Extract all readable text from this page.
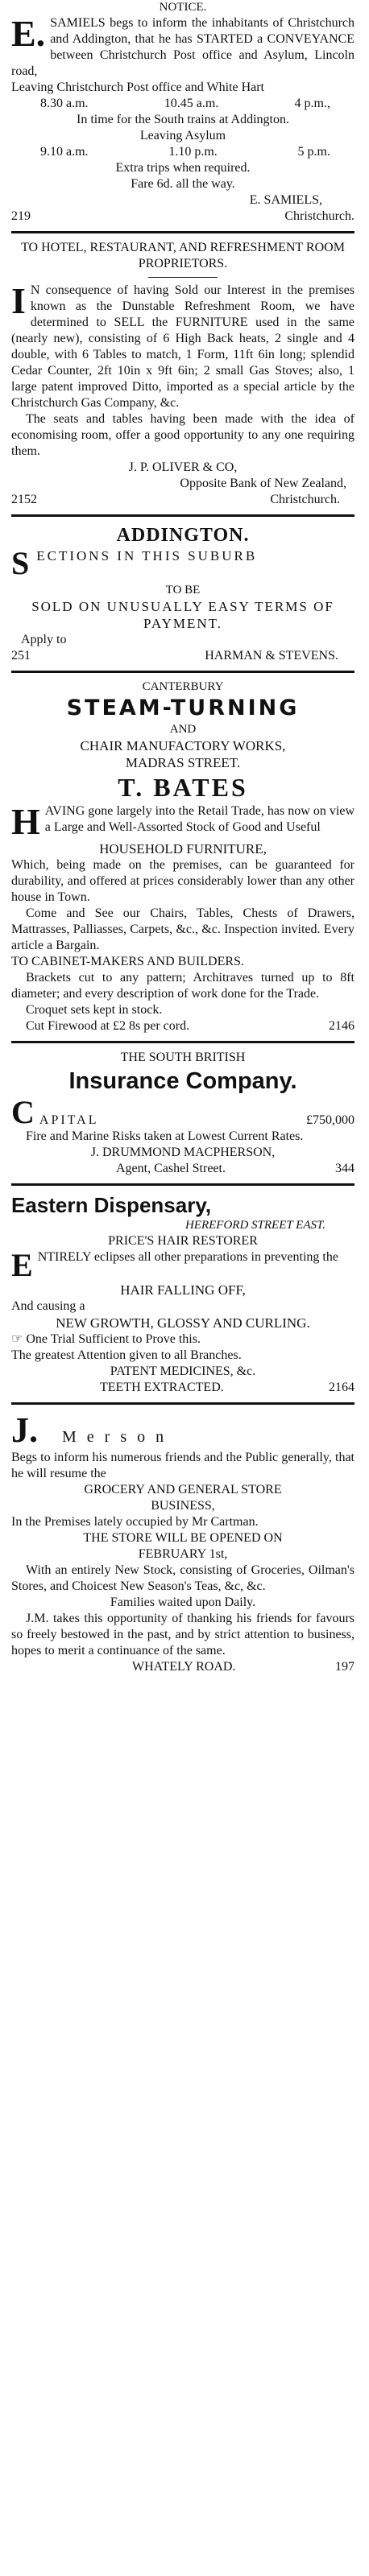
NOTICE.
E. SAMIELS begs to inform the inhabitants of Christchurch and Addington, that he has STARTED a CONVEYANCE between Christchurch Post office and Asylum, Lincoln road,
Leaving Christchurch Post office and White Hart
8.30 a.m.	10.45 a.m.	4 p.m.,
In time for the South trains at Addington.
Leaving Asylum
9.10 a.m.	1.10 p.m.	5 p.m.
Extra trips when required.
Fare 6d. all the way.
E. SAMIELS,
219	Christchurch.
TO HOTEL, RESTAURANT, AND REFRESHMENT ROOM PROPRIETORS.
I N consequence of having Sold our Interest in the premises known as the Dunstable Refreshment Room, we have determined to SELL the FURNITURE used in the same (nearly new), consisting of 6 High Back heats, 2 single and 4 double, with 6 Tables to match, 1 Form, 11ft 6in long; splendid Cedar Counter, 2ft 10in x 9ft 6in; 2 small Gas Stoves; also, 1 large patent improved Ditto, imported as a special article by the Christchurch Gas Company, &c.
The seats and tables having been made with the idea of economising room, offer a good opportunity to any one requiring them.
J. P. OLIVER & CO,
Opposite Bank of New Zealand,
2152	Christchurch.
ADDINGTON.
S ECTIONS IN THIS SUBURB
TO BE
SOLD ON UNUSUALLY EASY TERMS OF PAYMENT.
Apply to
251	HARMAN & STEVENS.
CANTERBURY
STEAM-TURNING
AND
CHAIR MANUFACTORY WORKS,
MADRAS STREET.
T. BATES
H AVING gone largely into the Retail Trade, has now on view a Large and Well-Assorted Stock of Good and Useful
HOUSEHOLD FURNITURE,
Which, being made on the premises, can be guaranteed for durability, and offered at prices considerably lower than any other house in Town.
Come and See our Chairs, Tables, Chests of Drawers, Mattrasses, Palliasses, Carpets, &c., &c. Inspection invited. Every article a Bargain.
TO CABINET-MAKERS AND BUILDERS.
Brackets cut to any pattern; Architraves turned up to 8ft diameter; and every description of work done for the Trade.
Croquet sets kept in stock.
Cut Firewood at £2 8s per cord.	2146
THE SOUTH BRITISH
Insurance Company.
C APITAL	£750,000
Fire and Marine Risks taken at Lowest Current Rates.
J. DRUMMOND MACPHERSON,
Agent, Cashel Street.	344
Eastern Dispensary,
HEREFORD STREET EAST.
PRICE'S HAIR RESTORER
E NTIRELY eclipses all other preparations in preventing the
HAIR FALLING OFF,
And causing a
NEW GROWTH, GLOSSY AND CURLING.
☞ One Trial Sufficient to Prove this.
The greatest Attention given to all Branches.
PATENT MEDICINES, &c.
TEETH EXTRACTED.	2164
J. M e r s o n
Begs to inform his numerous friends and the Public generally, that he will resume the
GROCERY AND GENERAL STORE
BUSINESS,
In the Premises lately occupied by Mr Cartman.
THE STORE WILL BE OPENED ON
FEBRUARY 1st,
With an entirely New Stock, consisting of Groceries, Oilman's Stores, and Choicest New Season's Teas, &c, &c.
Families waited upon Daily.
J.M. takes this opportunity of thanking his friends for favours so freely bestowed in the past, and by strict attention to business, hopes to merit a continuance of the same.
WHATELY ROAD.	197
